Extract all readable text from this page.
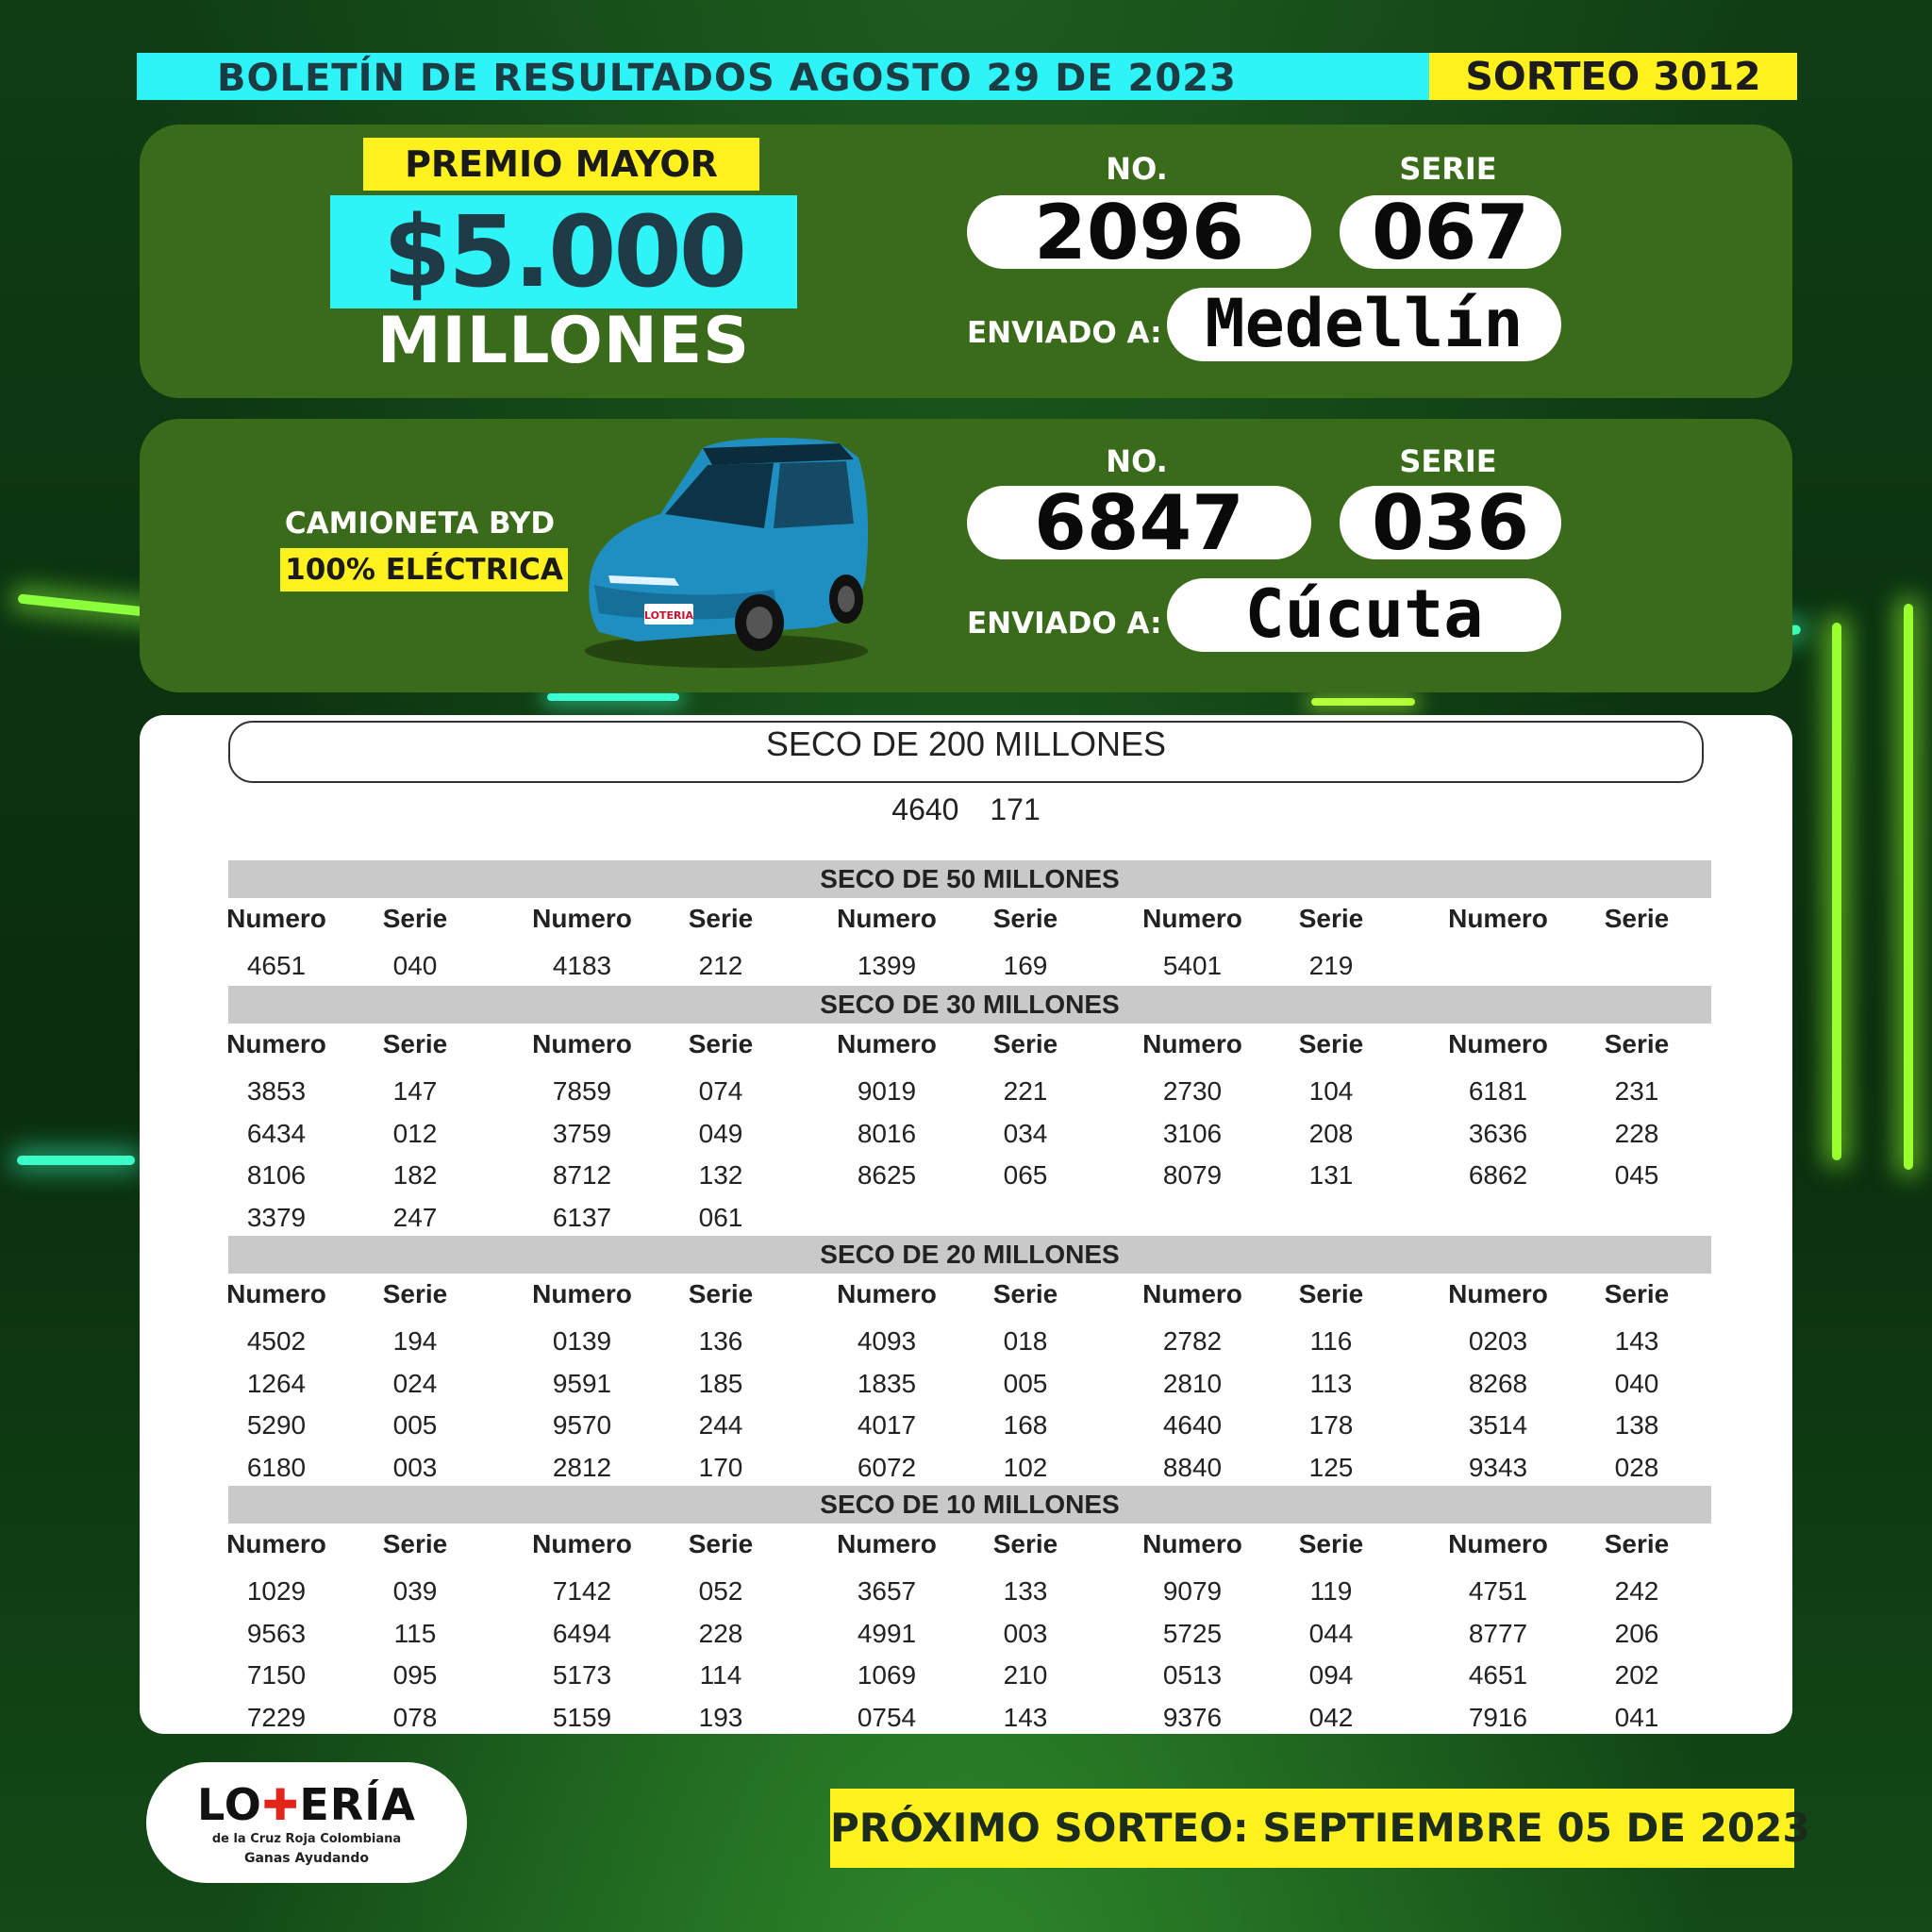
BOLETÍN DE RESULTADOS AGOSTO 29 DE 2023	SORTEO 3012
PREMIO MAYOR
$5.000
MILLONES
NO.	SERIE
2096	067
ENVIADO A: Medellín
CAMIONETA BYD
100% ELÉCTRICA
LOTERIA
NO.	SERIE
6847	036
ENVIADO A:	Cúcuta
SECO DE 200 MILLONES
4640 171
SECO DE 50 MILLONES
Numero	Serie	Numero	Serie	Numero	Serie	Numero	Serie	Numero	Serie
4651	040	4183	212	1399	169	5401	219
SECO DE 30 MILLONES
Numero	Serie	Numero	Serie	Numero	Serie	Numero	Serie	Numero	Serie
3853	147	7859	074	9019	221	2730	104	6181	231
6434	012	3759	049	8016	034	3106	208	3636	228
8106	182	8712	132	8625	065	8079	131	6862	045
3379	247	6137	061
SECO DE 20 MILLONES
Numero	Serie	Numero	Serie	Numero	Serie	Numero	Serie	Numero	Serie
4502	194	0139	136	4093	018	2782	116	0203	143
1264	024	9591	185	1835	005	2810	113	8268	040
5290	005	9570	244	4017	168	4640	178	3514	138
6180	003	2812	170	6072	102	8840	125	9343	028
SECO DE 10 MILLONES
Numero	Serie	Numero	Serie	Numero	Serie	Numero	Serie	Numero	Serie
1029	039	7142	052	3657	133	9079	119	4751	242
9563	115	6494	228	4991	003	5725	044	8777	206
7150	095	5173	114	1069	210	0513	094	4651	202
7229	078	5159	193	0754	143	9376	042	7916	041
LO✚ERÍA
de la Cruz Roja Colombiana
Ganas Ayudando
PRÓXIMO SORTEO: SEPTIEMBRE 05 DE 2023
